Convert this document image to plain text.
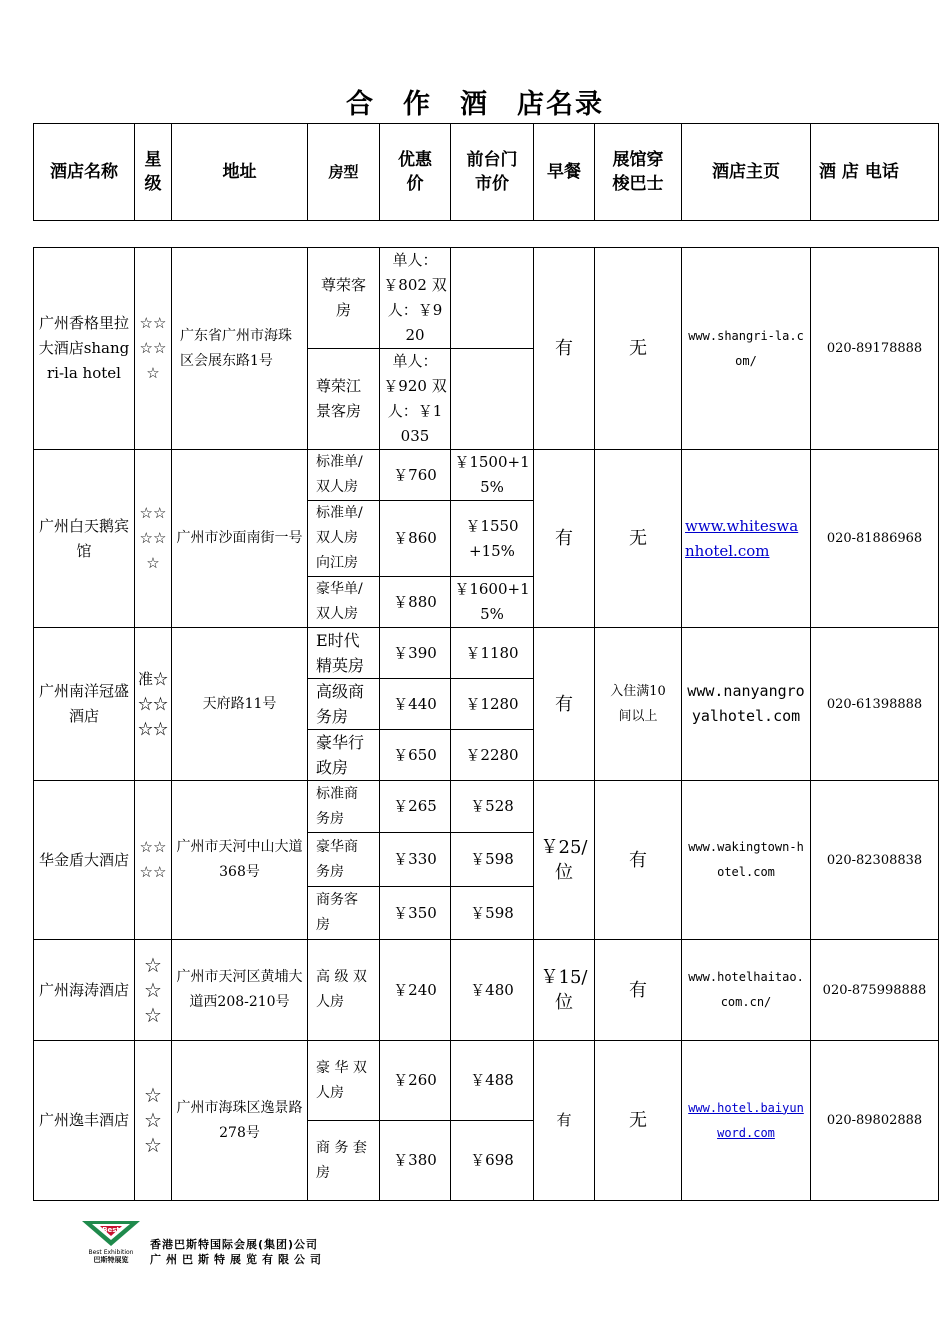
合 作 酒 店名录
酒店名称	星级	地址	房型	优惠价	前台门市价	早餐	展馆穿梭巴士	酒店主页	酒 店 电话
广州香格里拉大酒店shangri-la hotel	☆☆☆☆☆	广东省广州市海珠区会展东路1号	尊荣客房	单人：￥802 双人：￥920		有	无	www.shangri-la.com/	020-89178888
			尊荣江景客房	单人：￥920 双人：￥1035					
广州白天鹅宾馆	☆☆☆☆☆	广州市沙面南街一号	标准单/双人房	￥760	￥1500+15%	有	无	www.whiteswanhotel.com	020-81886968
			标准单/双人房向江房	￥860	￥1550+15%				
			豪华单/双人房	￥880	￥1600+15%				
广州南洋冠盛酒店	准☆☆☆☆☆	天府路11号	E时代精英房	￥390	￥1180	有	入住满10间以上	www.nanyangroyalhotel.com	020-61398888
			高级商务房	￥440	￥1280				
			豪华行政房	￥650	￥2280				
华金盾大酒店	☆☆☆☆	广州市天河中山大道368号	标准商务房	￥265	￥528	￥25/位	有	www.wakingtown-hotel.com	020-82308838
			豪华商务房	￥330	￥598				
			商务客房	￥350	￥598				
广州海涛酒店	☆☆☆	广州市天河区黄埔大道西208-210号	高 级 双人房	￥240	￥480	￥15/位	有	www.hotelhaitao.com.cn/	020-875998888
广州逸丰酒店	☆☆☆	广州市海珠区逸景路278号	豪 华 双人房	￥260	￥488	有	无	www.hotel.baiyunword.com	020-89802888
			商 务 套房	￥380	￥698				
Best
Best Exhibition
巴斯特展览
香港巴斯特国际会展(集团)公司
广州巴斯特展览有限公司
